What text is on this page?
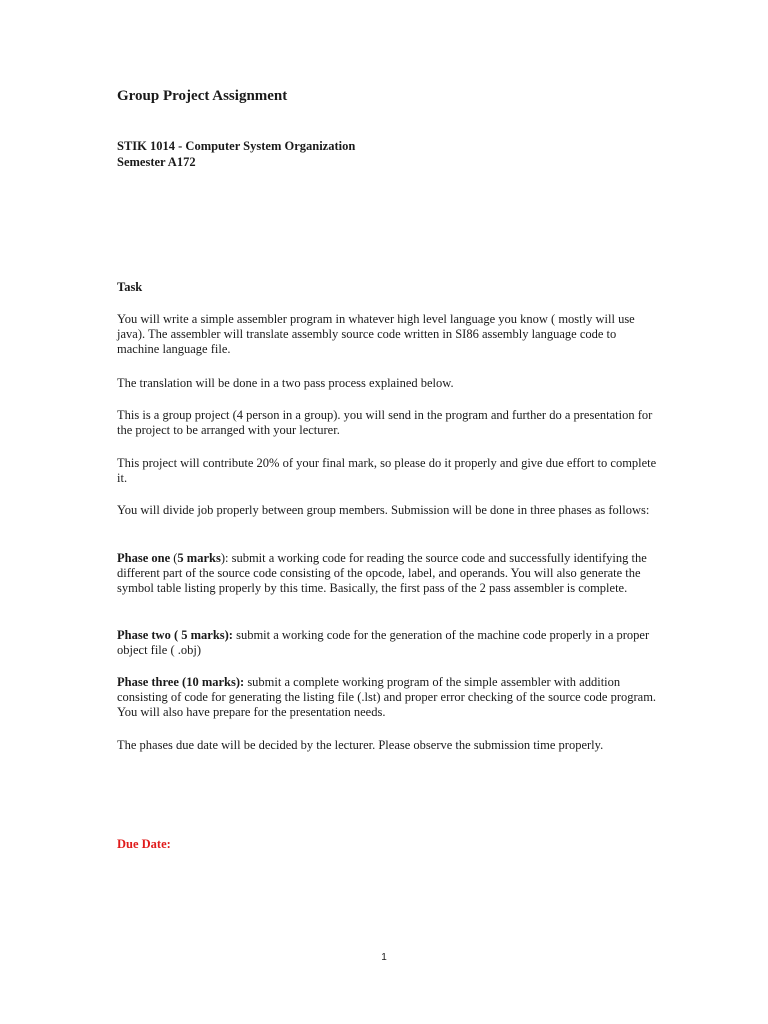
Group Project Assignment

STIK 1014 - Computer System Organization

Semester A172

Task

You will write a simple assembler program in whatever high level language you know ( mostly will use java). The assembler will translate assembly source code written in SI86 assembly language code to machine language file.

The translation will be done in a two pass process explained below.

This is a group project (4 person in a group). you will send in the program and further do a presentation for the project to be arranged with your lecturer.

This project will contribute 20% of your final mark, so please do it properly and give due effort to complete it.

You will divide job properly between group members. Submission will be done in three phases as follows:

Phase one (5 marks): submit a working code for reading the source code and successfully identifying the different part of the source code consisting of the opcode, label, and operands. You will also generate the symbol table listing properly by this time. Basically, the first pass of the 2 pass assembler is complete.

Phase two ( 5 marks): submit a working code for the generation of the machine code properly in a proper object file ( .obj)

Phase three (10 marks): submit a complete working program of the simple assembler with addition consisting of code for generating the listing file (.lst) and proper error checking of the source code program. You will also have prepare for the presentation needs.

The phases due date will be decided by the lecturer. Please observe the submission time properly.

Due Date:

1
